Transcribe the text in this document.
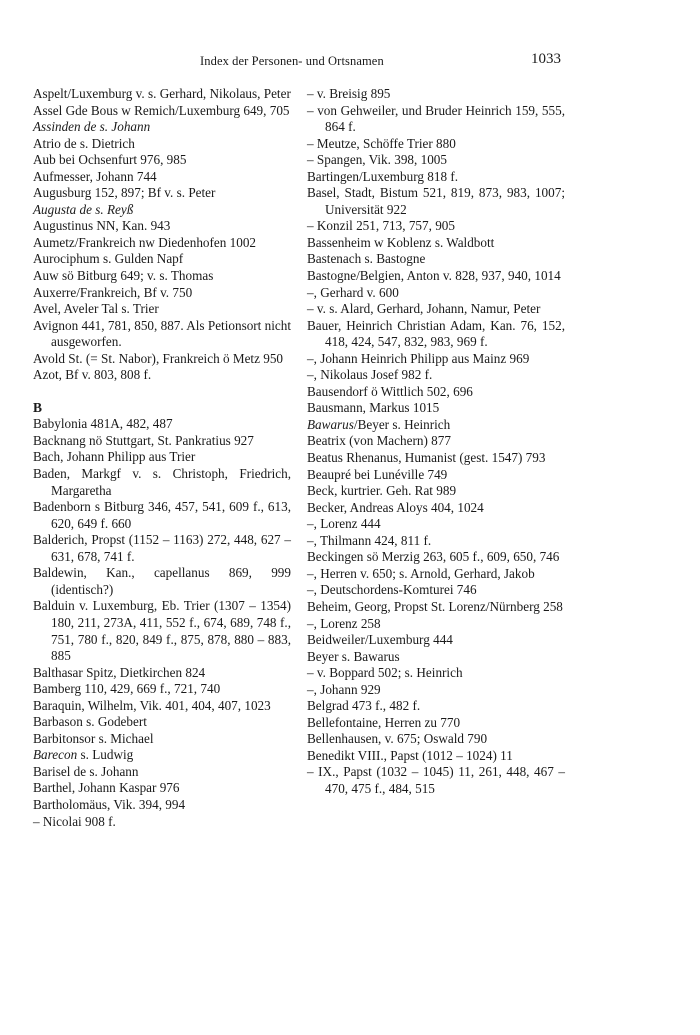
Index der Personen- und Ortsnamen	1033
Aspelt/Luxemburg v. s. Gerhard, Nikolaus, Peter
Assel Gde Bous w Remich/Luxemburg 649, 705
Assinden de s. Johann
Atrio de s. Dietrich
Aub bei Ochsenfurt 976, 985
Aufmesser, Johann 744
Augusburg 152, 897; Bf v. s. Peter
Augusta de s. Reyß
Augustinus NN, Kan. 943
Aumetz/Frankreich nw Diedenhofen 1002
Aurociphum s. Gulden Napf
Auw sö Bitburg 649; v. s. Thomas
Auxerre/Frankreich, Bf v. 750
Avel, Aveler Tal s. Trier
Avignon 441, 781, 850, 887. Als Petionsort nicht ausgeworfen.
Avold St. (= St. Nabor), Frankreich ö Metz 950
Azot, Bf v. 803, 808 f.
B
Babylonia 481A, 482, 487
Backnang nö Stuttgart, St. Pankratius 927
Bach, Johann Philipp aus Trier
Baden, Markgf v. s. Christoph, Friedrich, Margaretha
Badenborn s Bitburg 346, 457, 541, 609 f., 613, 620, 649 f. 660
Balderich, Propst (1152 – 1163) 272, 448, 627 – 631, 678, 741 f.
Baldewin, Kan., capellanus 869, 999 (identisch?)
Balduin v. Luxemburg, Eb. Trier (1307 – 1354) 180, 211, 273A, 411, 552 f., 674, 689, 748 f., 751, 780 f., 820, 849 f., 875, 878, 880 – 883, 885
Balthasar Spitz, Dietkirchen 824
Bamberg 110, 429, 669 f., 721, 740
Baraquin, Wilhelm, Vik. 401, 404, 407, 1023
Barbason s. Godebert
Barbitonsor s. Michael
Barecon s. Ludwig
Barisel de s. Johann
Barthel, Johann Kaspar 976
Bartholomäus, Vik. 394, 994
– Nicolai 908 f.
– v. Breisig 895
– von Gehweiler, und Bruder Heinrich 159, 555, 864 f.
– Meutze, Schöffe Trier 880
– Spangen, Vik. 398, 1005
Bartingen/Luxemburg 818 f.
Basel, Stadt, Bistum 521, 819, 873, 983, 1007; Universität 922
– Konzil 251, 713, 757, 905
Bassenheim w Koblenz s. Waldbott
Bastenach s. Bastogne
Bastogne/Belgien, Anton v. 828, 937, 940, 1014
–, Gerhard v. 600
– v. s. Alard, Gerhard, Johann, Namur, Peter
Bauer, Heinrich Christian Adam, Kan. 76, 152, 418, 424, 547, 832, 983, 969 f.
–, Johann Heinrich Philipp aus Mainz 969
–, Nikolaus Josef 982 f.
Bausendorf ö Wittlich 502, 696
Bausmann, Markus 1015
Bawarus/Beyer s. Heinrich
Beatrix (von Machern) 877
Beatus Rhenanus, Humanist (gest. 1547) 793
Beaupré bei Lunéville 749
Beck, kurtrier. Geh. Rat 989
Becker, Andreas Aloys 404, 1024
–, Lorenz 444
–, Thilmann 424, 811 f.
Beckingen sö Merzig 263, 605 f., 609, 650, 746
–, Herren v. 650; s. Arnold, Gerhard, Jakob
–, Deutschordens-Komturei 746
Beheim, Georg, Propst St. Lorenz/Nürnberg 258
–, Lorenz 258
Beidweiler/Luxemburg 444
Beyer s. Bawarus
– v. Boppard 502; s. Heinrich
–, Johann 929
Belgrad 473 f., 482 f.
Bellefontaine, Herren zu 770
Bellenhausen, v. 675; Oswald 790
Benedikt VIII., Papst (1012 – 1024) 11
– IX., Papst (1032 – 1045) 11, 261, 448, 467 – 470, 475 f., 484, 515
